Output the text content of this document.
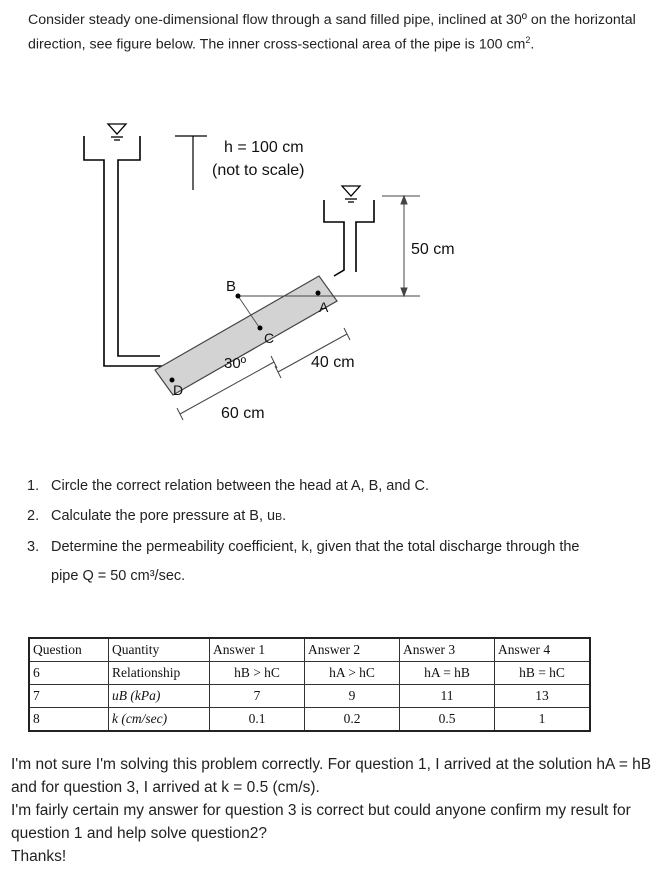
Consider steady one-dimensional flow through a sand filled pipe, inclined at 30º on the horizontal direction, see figure below. The inner cross-sectional area of the pipe is 100 $cm^2$.
h = 100 cm
(not to scale)
50 cm
40 cm
60 cm
30º
A
B
C
D
1. Circle the correct relation between the head at A, B, and C.
2. Calculate the pore pressure at B, uB.
3. Determine the permeability coefficient, k, given that the total discharge through the
pipe Q = 50 cm³/sec.
Question	Quantity	Answer 1	Answer 2	Answer 3	Answer 4
6	Relationship	hB > hC	hA > hC	hA = hB	hB = hC
7	uB (kPa)	7	9	11	13
8	k (cm/sec)	0.1	0.2	0.5	1

I'm not sure I'm solving this problem correctly. For question 1, I arrived at the solution hA = hB and for question 3, I arrived at k = 0.5 (cm/s).

I'm fairly certain my answer for question 3 is correct but could anyone confirm my result for question 1 and help solve question2?

Thanks!
